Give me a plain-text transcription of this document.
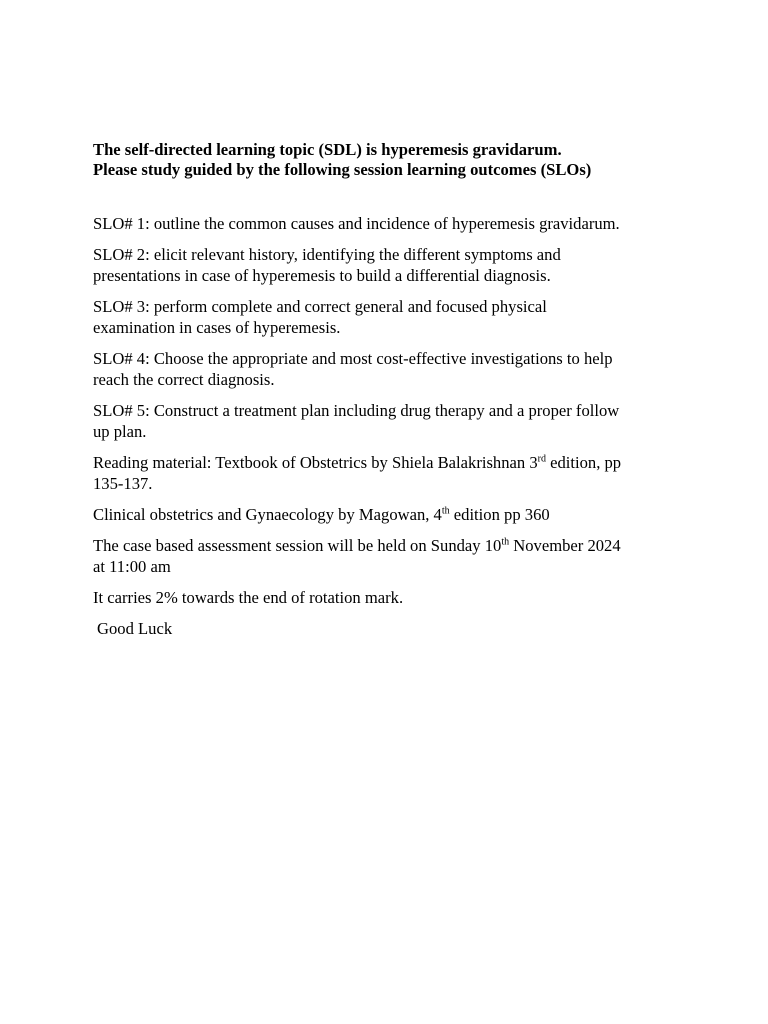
The self-directed learning topic (SDL) is hyperemesis gravidarum.
Please study guided by the following session learning outcomes (SLOs)

SLO# 1: outline the common causes and incidence of hyperemesis gravidarum.

SLO# 2: elicit relevant history, identifying the different symptoms and
presentations in case of hyperemesis to build a differential diagnosis.

SLO# 3: perform complete and correct general and focused physical
examination in cases of hyperemesis.

SLO# 4: Choose the appropriate and most cost-effective investigations to help
reach the correct diagnosis.

SLO# 5: Construct a treatment plan including drug therapy and a proper follow
up plan.

Reading material: Textbook of Obstetrics by Shiela Balakrishnan 3rd edition, pp
135-137.

Clinical obstetrics and Gynaecology by Magowan, 4th edition pp 360

The case based assessment session will be held on Sunday 10th November 2024
at 11:00 am

It carries 2% towards the end of rotation mark.

Good Luck
